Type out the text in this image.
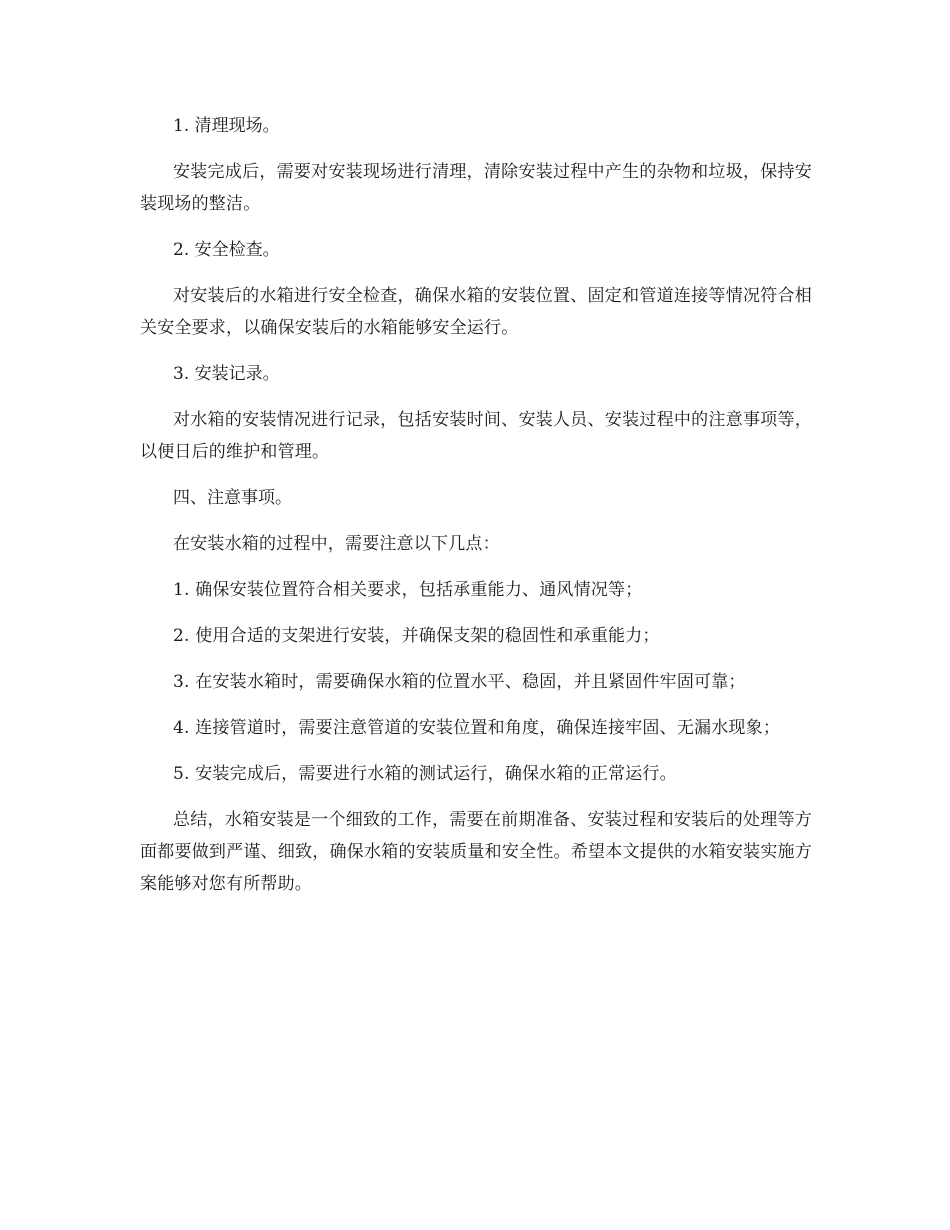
1. 清理现场。

安装完成后，需要对安装现场进行清理，清除安装过程中产生的杂物和垃圾，保持安装现场的整洁。

2. 安全检查。

对安装后的水箱进行安全检查，确保水箱的安装位置、固定和管道连接等情况符合相关安全要求，以确保安装后的水箱能够安全运行。

3. 安装记录。

对水箱的安装情况进行记录，包括安装时间、安装人员、安装过程中的注意事项等，以便日后的维护和管理。

四、注意事项。

在安装水箱的过程中，需要注意以下几点：

1. 确保安装位置符合相关要求，包括承重能力、通风情况等；

2. 使用合适的支架进行安装，并确保支架的稳固性和承重能力；

3. 在安装水箱时，需要确保水箱的位置水平、稳固，并且紧固件牢固可靠；

4. 连接管道时，需要注意管道的安装位置和角度，确保连接牢固、无漏水现象；

5. 安装完成后，需要进行水箱的测试运行，确保水箱的正常运行。

总结，水箱安装是一个细致的工作，需要在前期准备、安装过程和安装后的处理等方面都要做到严谨、细致，确保水箱的安装质量和安全性。希望本文提供的水箱安装实施方案能够对您有所帮助。
